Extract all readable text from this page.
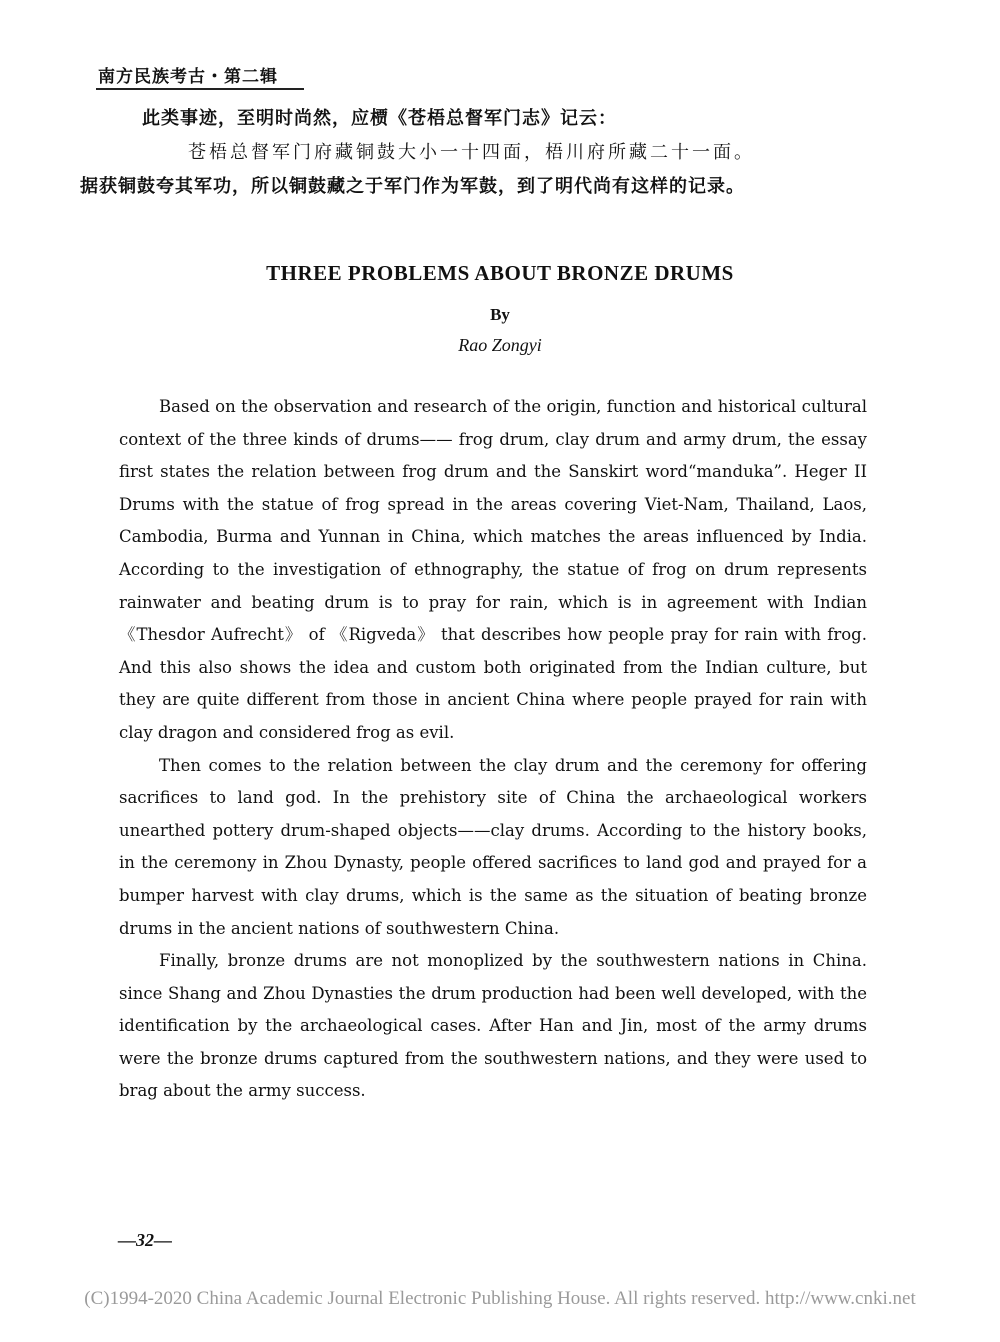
南方民族考古・第二辑
此类事迹，至明时尚然，应槚《苍梧总督军门志》记云：
苍梧总督军门府藏铜鼓大小一十四面，梧川府所藏二十一面。
据获铜鼓夸其军功，所以铜鼓藏之于军门作为军鼓，到了明代尚有这样的记录。
THREE PROBLEMS ABOUT BRONZE DRUMS
By
Rao Zongyi

Based on the observation and research of the origin, function and historical cultural context of the three kinds of drums—— frog drum, clay drum and army drum, the essay first states the relation between frog drum and the Sanskirt word“manduka”. Heger II Drums with the statue of frog spread in the areas covering Viet-Nam, Thailand, Laos, Cambodia, Burma and Yunnan in China, which matches the areas influenced by India. According to the investigation of ethnography, the statue of frog on drum represents rainwater and beating drum is to pray for rain, which is in agreement with Indian 《Thesdor Aufrecht》 of 《Rigveda》 that describes how people pray for rain with frog. And this also shows the idea and custom both originated from the Indian culture, but they are quite different from those in ancient China where people prayed for rain with clay dragon and considered frog as evil.

Then comes to the relation between the clay drum and the ceremony for offering sacrifices to land god. In the prehistory site of China the archaeological workers unearthed pottery drum-shaped objects——clay drums. According to the history books, in the ceremony in Zhou Dynasty, people offered sacrifices to land god and prayed for a bumper harvest with clay drums, which is the same as the situation of beating bronze drums in the ancient nations of southwestern China.

Finally, bronze drums are not monoplized by the southwestern nations in China. since Shang and Zhou Dynasties the drum production had been well developed, with the identification by the archaeological cases. After Han and Jin, most of the army drums were the bronze drums captured from the southwestern nations, and they were used to brag about the army success.

—32—
(C)1994-2020 China Academic Journal Electronic Publishing House. All rights reserved. http://www.cnki.net
